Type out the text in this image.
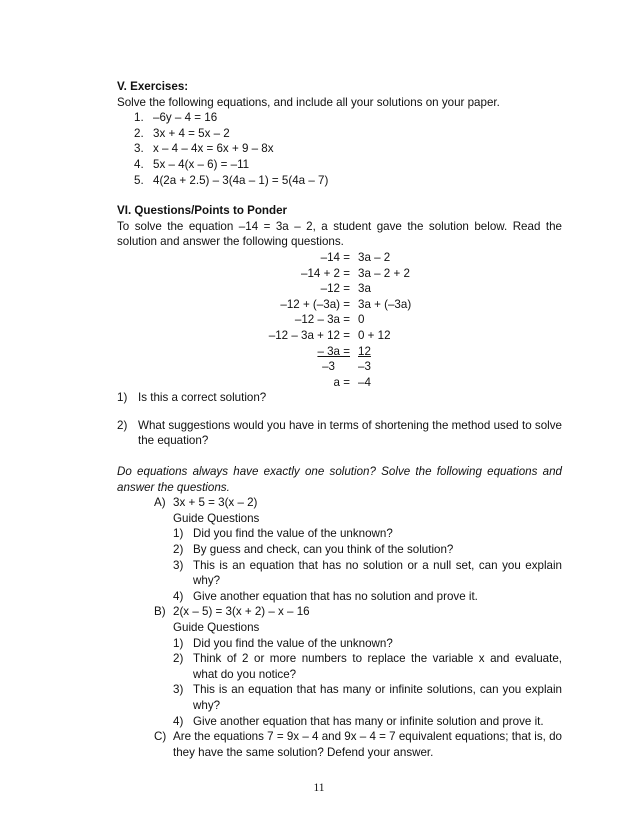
V. Exercises:
Solve the following equations, and include all your solutions on your paper.
1. –6y – 4 = 16
2. 3x + 4 = 5x – 2
3. x – 4 – 4x = 6x + 9 – 8x
4. 5x – 4(x – 6) = –11
5. 4(2a + 2.5) – 3(4a – 1) = 5(4a – 7)
VI. Questions/Points to Ponder
To solve the equation –14 = 3a – 2, a student gave the solution below. Read the solution and answer the following questions.
–14 = 3a – 2
–14 + 2 = 3a – 2 + 2
–12 = 3a
–12 + (–3a) = 3a + (–3a)
–12 – 3a = 0
–12 – 3a + 12 = 0 + 12
– 3a = 12
–3	–3
a = –4
1) Is this a correct solution?
2) What suggestions would you have in terms of shortening the method used to solve the equation?
Do equations always have exactly one solution? Solve the following equations and answer the questions.
A) 3x + 5 = 3(x – 2)
Guide Questions
1) Did you find the value of the unknown?
2) By guess and check, can you think of the solution?
3) This is an equation that has no solution or a null set, can you explain why?
4) Give another equation that has no solution and prove it.
B) 2(x – 5) = 3(x + 2) – x – 16
Guide Questions
1) Did you find the value of the unknown?
2) Think of 2 or more numbers to replace the variable x and evaluate, what do you notice?
3) This is an equation that has many or infinite solutions, can you explain why?
4) Give another equation that has many or infinite solution and prove it.
C) Are the equations 7 = 9x – 4 and 9x – 4 = 7 equivalent equations; that is, do they have the same solution? Defend your answer.
11
